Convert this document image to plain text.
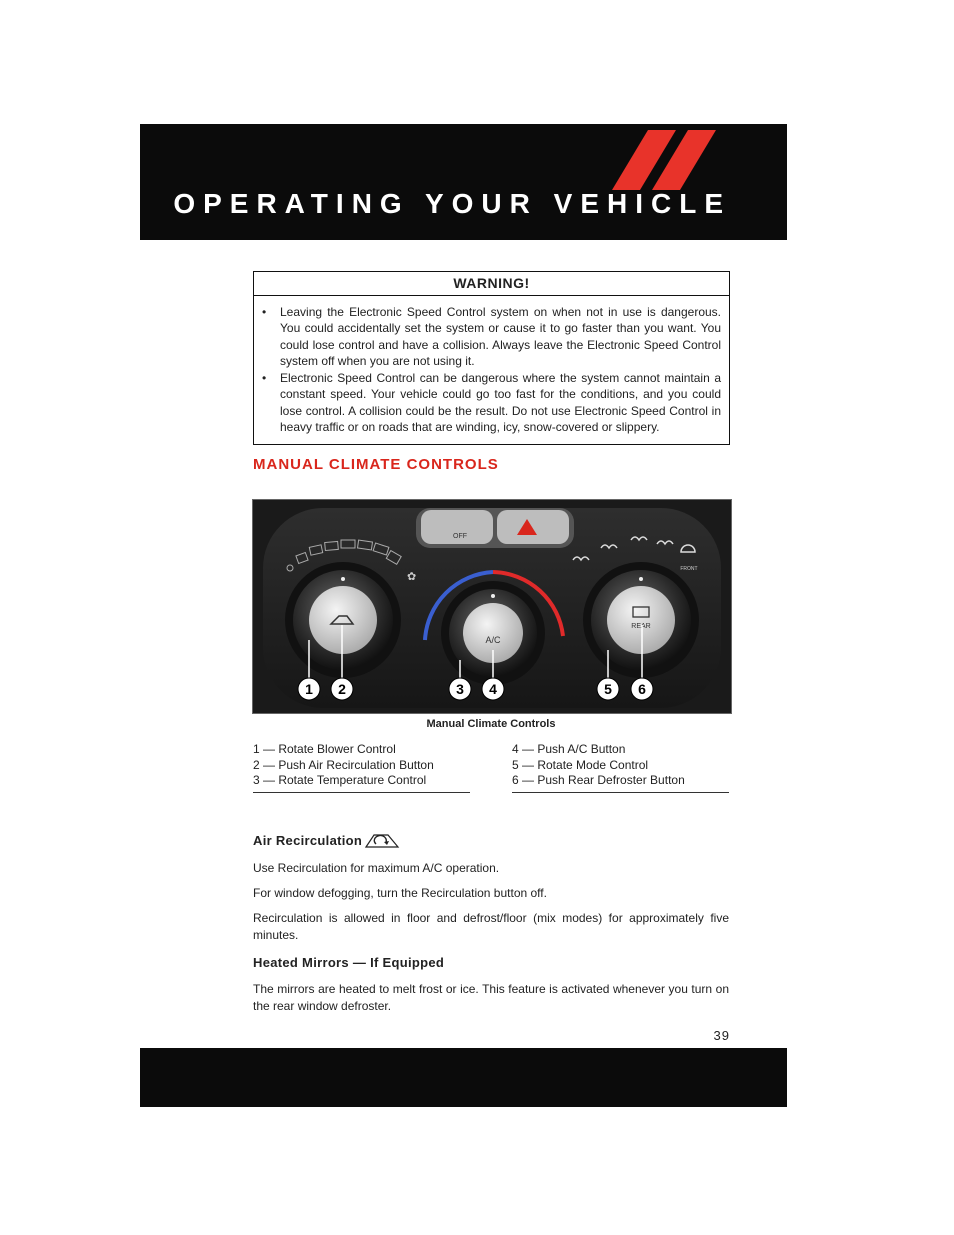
OPERATING YOUR VEHICLE
WARNING!
• Leaving the Electronic Speed Control system on when not in use is dangerous. You could accidentally set the system or cause it to go faster than you want. You could lose control and have a collision. Always leave the Electronic Speed Control system off when you are not using it.
• Electronic Speed Control can be dangerous where the system cannot maintain a constant speed. Your vehicle could go too fast for the conditions, and you could lose control. A collision could be the result. Do not use Electronic Speed Control in heavy traffic or on roads that are winding, icy, snow-covered or slippery.
MANUAL CLIMATE CONTROLS
OFF
✿
FRONT
A/C
REAR
1 2	3 4	5 6
Manual Climate Controls
1 — Rotate Blower Control
2 — Push Air Recirculation Button
3 — Rotate Temperature Control
4 — Push A/C Button
5 — Rotate Mode Control
6 — Push Rear Defroster Button
Air Recirculation
Use Recirculation for maximum A/C operation.
For window defogging, turn the Recirculation button off.
Recirculation is allowed in floor and defrost/floor (mix modes) for approximately five minutes.
Heated Mirrors — If Equipped
The mirrors are heated to melt frost or ice. This feature is activated whenever you turn on the rear window defroster.
39
